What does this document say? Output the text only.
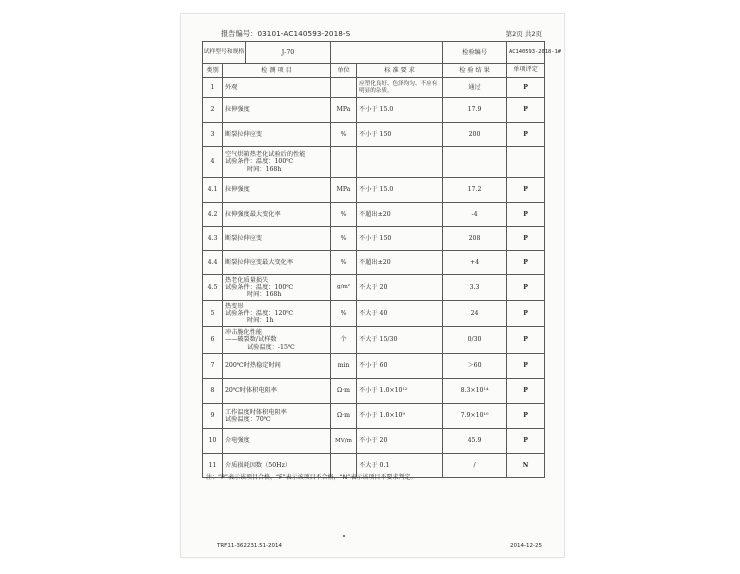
报告编号：03101-AC140593-2018-S	第2页 共2页
试样型号和规格 J-70				检验编号	AC140593-2018-1#
类别	检 测 项 目	单位	标 准 要 求	检 验 结 果	单项评定
1	外观		应塑化良好、色泽均匀、不应有明显的杂质。	通过	P
2	拉伸强度	MPa	不小于 15.0	17.9	P
3	断裂拉伸应变	%	不小于 150	200	P
4	空气烘箱热老化试验后的性能
试验条件：温度：100℃
时间：168h				
4.1	拉伸强度	MPa	不小于 15.0	17.2	P
4.2	拉伸强度最大变化率	%	不超出±20	-4	P
4.3	断裂拉伸应变	%	不小于 150	208	P
4.4	断裂拉伸应变最大变化率	%	不超出±20	+4	P
4.5	热老化质量损失
试验条件：温度：100℃
时间：168h	g/m²	不大于 20	3.3	P
5	热变形
试验条件：温度：120℃
时间：1h	%	不大于 40	24	P
6	冲击脆化性能
——破裂数/试样数
试验温度：-15℃	个	不大于 15/30	0/30	P
7	200℃时热稳定时间	min	不小于 60	＞60	P
8	20℃时体积电阻率	Ω·m	不小于 1.0×10¹²	8.3×10¹⁴	P
9	工作温度时体积电阻率
试验温度：70℃	Ω·m	不小于 1.0×10⁹	7.9×10¹⁰	P
10	介电强度	MV/m	不小于 20	45.9	P
11	介质损耗因数（50Hz）		不大于 0.1	/	N
注：“P”表示该项目合格，“F”表示该项目不合格，“N”表示该项目不要求判定。
TRF11-362231.51-2014	2014-12-25
